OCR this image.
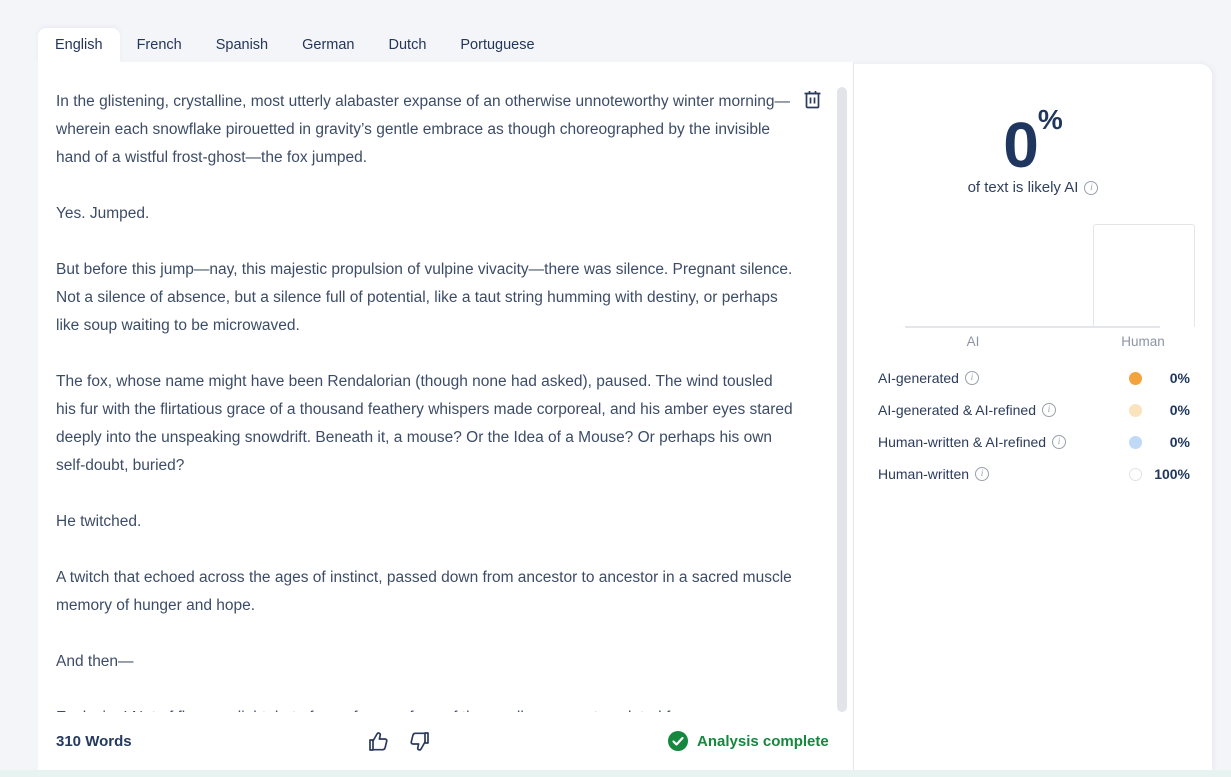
English	French	Spanish	German	Dutch	Portuguese

In the glistening, crystalline, most utterly alabaster expanse of an otherwise unnoteworthy winter morning—wherein each snowflake pirouetted in gravity’s gentle embrace as though choreographed by the invisible hand of a wistful frost-ghost—the fox jumped.

Yes. Jumped.

But before this jump—nay, this majestic propulsion of vulpine vivacity—there was silence. Pregnant silence. Not a silence of absence, but a silence full of potential, like a taut string humming with destiny, or perhaps like soup waiting to be microwaved.

The fox, whose name might have been Rendalorian (though none had asked), paused. The wind tousled his fur with the flirtatious grace of a thousand feathery whispers made corporeal, and his amber eyes stared deeply into the unspeaking snowdrift. Beneath it, a mouse? Or the Idea of a Mouse? Or perhaps his own self-doubt, buried?

He twitched.

A twitch that echoed across the ages of instinct, passed down from ancestor to ancestor in a sacred muscle memory of hunger and hope.

And then—

310 Words	Analysis complete
0%
of text is likely AI	i
AI	Human
AI-generated	i	0%
AI-generated & AI-refined	i	0%
Human-written & AI-refined	i	0%
Human-written	i	100%
